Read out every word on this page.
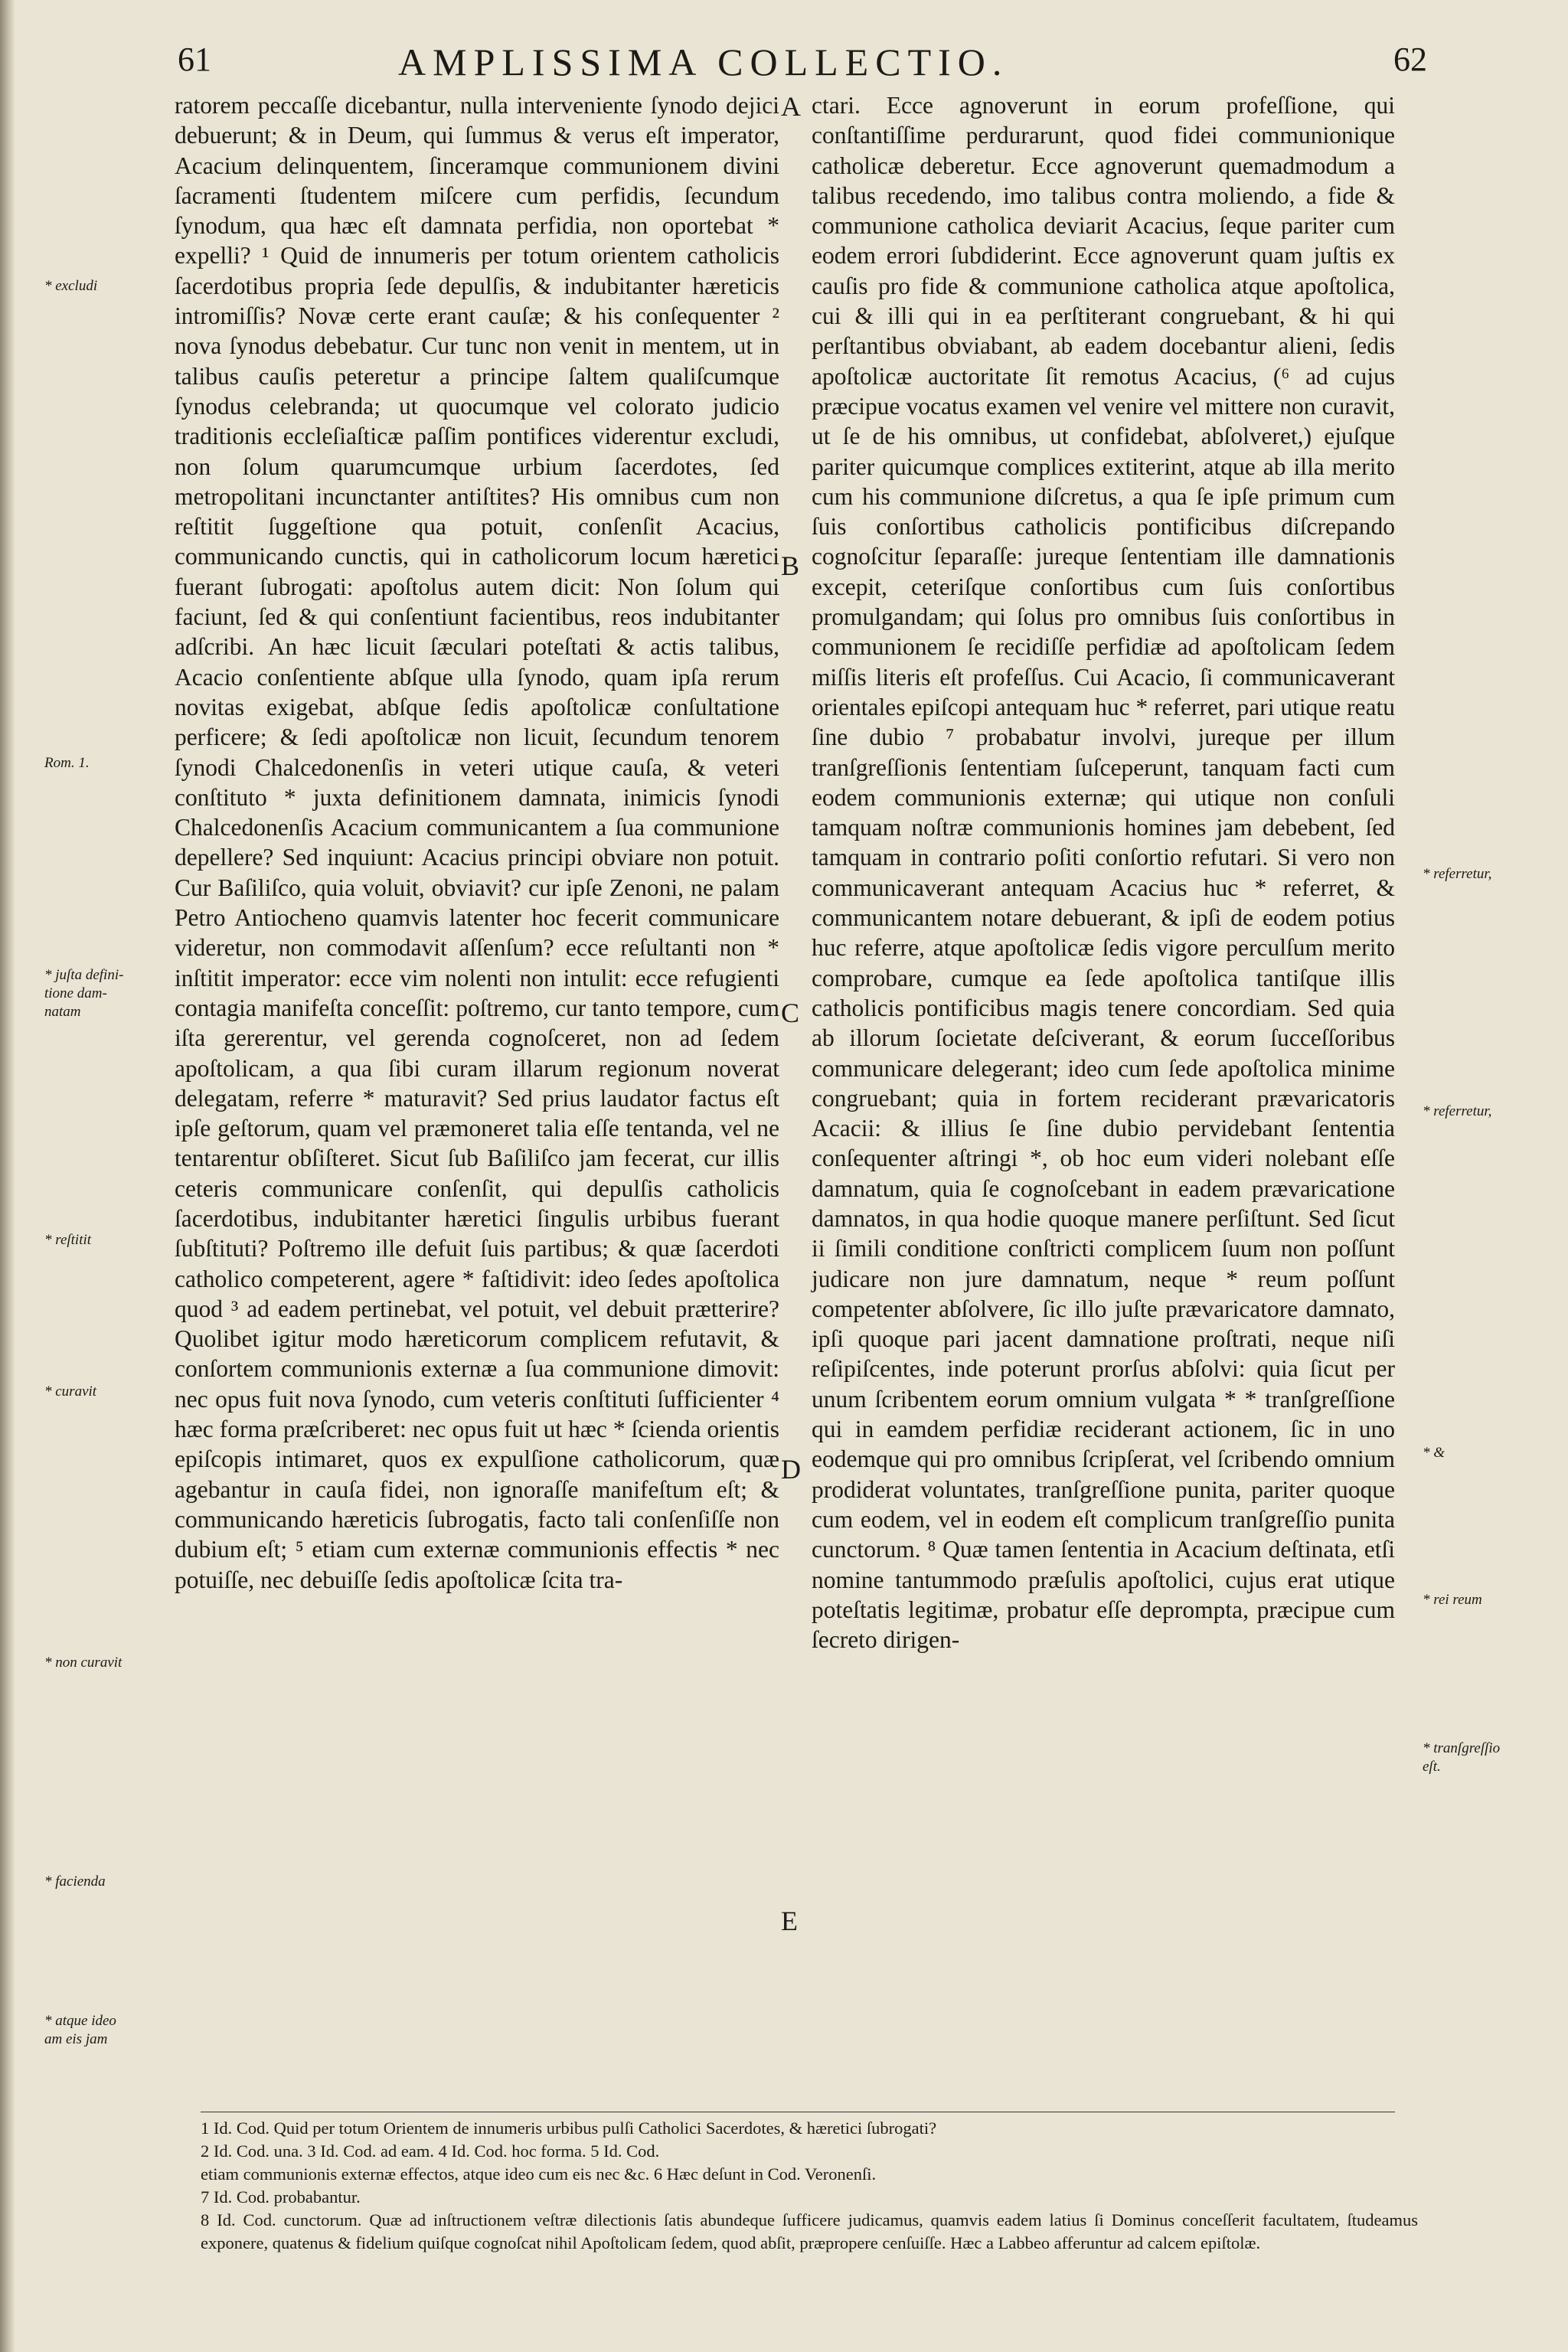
61	AMPLISSIMA COLLECTIO.	62

ratorem peccaſſe dicebantur, nulla interveniente ſynodo dejici debuerunt; & in Deum, qui ſummus & verus eſt imperator, Acacium delinquentem, ſinceramque communionem divini ſacramenti ſtudentem miſcere cum perfidis, ſecundum ſynodum, qua hæc eſt damnata perfidia, non oportebat * expelli? ¹ Quid de innumeris per totum orientem catholicis ſacerdotibus propria ſede depulſis, & indubitanter hæreticis intromiſſis? Novæ certe erant cauſæ; & his conſequenter ² nova ſynodus debebatur. Cur tunc non venit in mentem, ut in talibus cauſis peteretur a principe ſaltem qualiſcumque ſynodus celebranda; ut quocumque vel colorato judicio traditionis eccleſiaſticæ paſſim pontifices viderentur excludi, non ſolum quarumcumque urbium ſacerdotes, ſed metropolitani incunctanter antiſtites? His omnibus cum non reſtitit ſuggeſtione qua potuit, conſenſit Acacius, communicando cunctis, qui in catholicorum locum hæretici fuerant ſubrogati: apoſtolus autem dicit: Non ſolum qui faciunt, ſed & qui conſentiunt facientibus, reos indubitanter adſcribi. An hæc licuit ſæculari poteſtati & actis talibus, Acacio conſentiente abſque ulla ſynodo, quam ipſa rerum novitas exigebat, abſque ſedis apoſtolicæ conſultatione perficere; & ſedi apoſtolicæ non licuit, ſecundum tenorem ſynodi Chalcedonenſis in veteri utique cauſa, & veteri conſtituto * juxta definitionem damnata, inimicis ſynodi Chalcedonenſis Acacium communicantem a ſua communione depellere? Sed inquiunt: Acacius principi obviare non potuit. Cur Baſiliſco, quia voluit, obviavit? cur ipſe Zenoni, ne palam Petro Antiocheno quamvis latenter hoc fecerit communicare videretur, non commodavit aſſenſum? ecce reſultanti non * inſtitit imperator: ecce vim nolenti non intulit: ecce refugienti contagia manifeſta conceſſit: poſtremo, cur tanto tempore, cum iſta gererentur, vel gerenda cognoſceret, non ad ſedem apoſtolicam, a qua ſibi curam illarum regionum noverat delegatam, referre * maturavit? Sed prius laudator factus eſt ipſe geſtorum, quam vel præmoneret talia eſſe tentanda, vel ne tentarentur obſiſteret. Sicut ſub Baſiliſco jam fecerat, cur illis ceteris communicare conſenſit, qui depulſis catholicis ſacerdotibus, indubitanter hæretici ſingulis urbibus fuerant ſubſtituti? Poſtremo ille defuit ſuis partibus; & quæ ſacerdoti catholico competerent, agere * faſtidivit: ideo ſedes apoſtolica quod ³ ad eadem pertinebat, vel potuit, vel debuit prætterire? Quolibet igitur modo hæreticorum complicem refutavit, & conſortem communionis externæ a ſua communione dimovit: nec opus fuit nova ſynodo, cum veteris conſtituti ſufficienter ⁴ hæc forma præſcriberet: nec opus fuit ut hæc * ſcienda orientis epiſcopis intimaret, quos ex expulſione catholicorum, quæ agebantur in cauſa fidei, non ignoraſſe manifeſtum eſt; & communicando hæreticis ſubrogatis, facto tali conſenſiſſe non dubium eſt; ⁵ etiam cum externæ communionis effectis * nec potuiſſe, nec debuiſſe ſedis apoſtolicæ ſcita tra-

ctari. Ecce agnoverunt in eorum profeſſione, qui conſtantiſſime perdurarunt, quod fidei communionique catholicæ deberetur. Ecce agnoverunt quemadmodum a talibus recedendo, imo talibus contra moliendo, a fide & communione catholica deviarit Acacius, ſeque pariter cum eodem errori ſubdiderint. Ecce agnoverunt quam juſtis ex cauſis pro fide & communione catholica atque apoſtolica, cui & illi qui in ea perſtiterant congruebant, & hi qui perſtantibus obviabant, ab eadem docebantur alieni, ſedis apoſtolicæ auctoritate ſit remotus Acacius, (⁶ ad cujus præcipue vocatus examen vel venire vel mittere non curavit, ut ſe de his omnibus, ut confidebat, abſolveret,) ejuſque pariter quicumque complices extiterint, atque ab illa merito cum his communione diſcretus, a qua ſe ipſe primum cum ſuis conſortibus catholicis pontificibus diſcrepando cognoſcitur ſeparaſſe: jureque ſententiam ille damnationis excepit, ceteriſque conſortibus cum ſuis conſortibus promulgandam; qui ſolus pro omnibus ſuis conſortibus in communionem ſe recidiſſe perfidiæ ad apoſtolicam ſedem miſſis literis eſt profeſſus. Cui Acacio, ſi communicaverant orientales epiſcopi antequam huc * referret, pari utique reatu ſine dubio ⁷ probabatur involvi, jureque per illum tranſgreſſionis ſententiam ſuſceperunt, tanquam facti cum eodem communionis externæ; qui utique non conſuli tamquam noſtræ communionis homines jam debebent, ſed tamquam in contrario poſiti conſortio refutari. Si vero non communicaverant antequam Acacius huc * referret, & communicantem notare debuerant, & ipſi de eodem potius huc referre, atque apoſtolicæ ſedis vigore perculſum merito comprobare, cumque ea ſede apoſtolica tantiſque illis catholicis pontificibus magis tenere concordiam. Sed quia ab illorum ſocietate deſciverant, & eorum ſucceſſoribus communicare delegerant; ideo cum ſede apoſtolica minime congruebant; quia in fortem reciderant prævaricatoris Acacii: & illius ſe ſine dubio pervidebant ſententia conſequenter aſtringi *, ob hoc eum videri nolebant eſſe damnatum, quia ſe cognoſcebant in eadem prævaricatione damnatos, in qua hodie quoque manere perſiſtunt. Sed ſicut ii ſimili conditione conſtricti complicem ſuum non poſſunt judicare non jure damnatum, neque * reum poſſunt competenter abſolvere, ſic illo juſte prævaricatore damnato, ipſi quoque pari jacent damnatione proſtrati, neque niſi reſipiſcentes, inde poterunt prorſus abſolvi: quia ſicut per unum ſcribentem eorum omnium vulgata * * tranſgreſſione qui in eamdem perfidiæ reciderant actionem, ſic in uno eodemque qui pro omnibus ſcripſerat, vel ſcribendo omnium prodiderat voluntates, tranſgreſſione punita, pariter quoque cum eodem, vel in eodem eſt complicum tranſgreſſio punita cunctorum. ⁸ Quæ tamen ſententia in Acacium deſtinata, etſi nomine tantummodo præſulis apoſtolici, cujus erat utique poteſtatis legitimæ, probatur eſſe deprompta, præcipue cum ſecreto dirigen-

A
B
C
D
E
* excludi
Rom. 1.
* juſta defini-
tione dam-
natam
* reſtitit
* curavit
* non curavit
* facienda
* atque ideo
am eis jam
* referretur,
* referretur,
* &
* rei reum
* tranſgreſſio
eſt.

1 Id. Cod. Quid per totum Orientem de innumeris urbibus pulſi Catholici Sacerdotes, & hæretici ſubrogati?

2 Id. Cod. una. 3 Id. Cod. ad eam. 4 Id. Cod. hoc forma. 5 Id. Cod.

etiam communionis externæ effectos, atque ideo cum eis nec &c. 6 Hæc deſunt in Cod. Veronenſi.

7 Id. Cod. probabantur.

8 Id. Cod. cunctorum. Quæ ad inſtructionem veſtræ dilectionis ſatis abundeque ſufficere judicamus, quamvis eadem latius ſi Dominus conceſſerit facultatem, ſtudeamus exponere, quatenus & fidelium quiſque cognoſcat nihil Apoſtolicam ſedem, quod abſit, præpropere cenſuiſſe. Hæc a Labbeo afferuntur ad calcem epiſtolæ.
